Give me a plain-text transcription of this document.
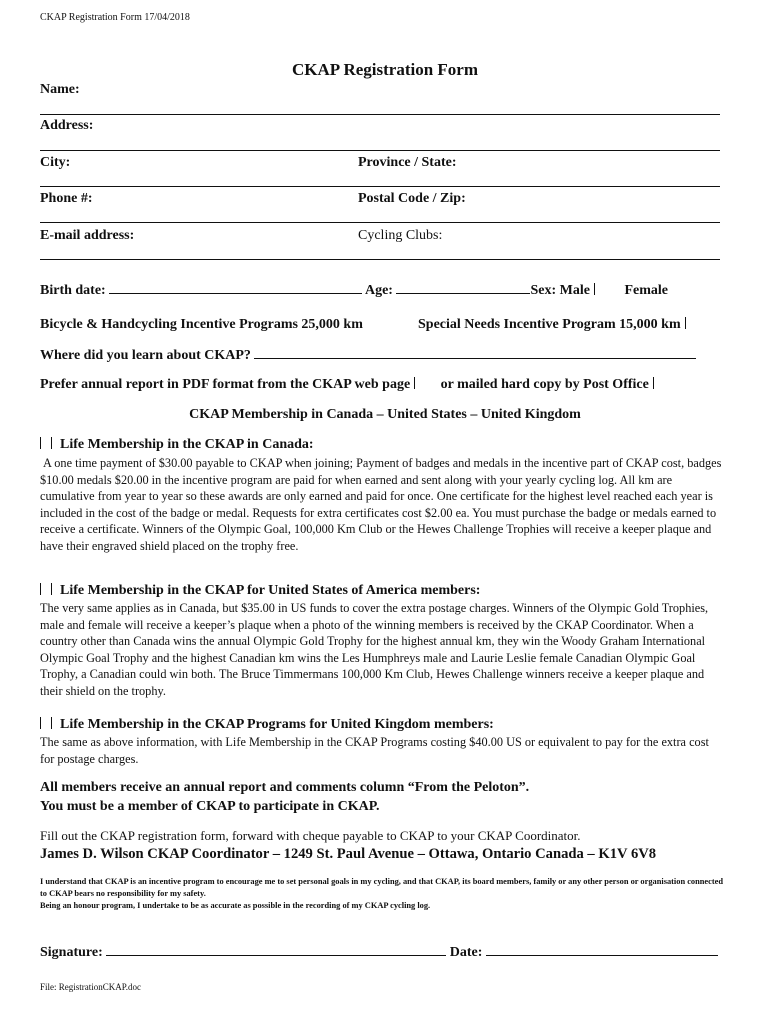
CKAP Registration Form 17/04/2018
CKAP Registration Form
Name:
Address:
City:	Province / State:
Phone #:	Postal Code / Zip:
E-mail address:	Cycling Clubs:
Birth date:	Age:	Sex: Male Female
Bicycle & Handcycling Incentive Programs 25,000 km	Special Needs Incentive Program 15,000 km
Where did you learn about CKAP?
Prefer annual report in PDF format from the CKAP web page or mailed hard copy by Post Office
CKAP Membership in Canada – United States – United Kingdom
Life Membership in the CKAP in Canada:
A one time payment of $30.00 payable to CKAP when joining; Payment of badges and medals in the incentive part of CKAP cost, badges $10.00 medals $20.00 in the incentive program are paid for when earned and sent along with your yearly cycling log. All km are cumulative from year to year so these awards are only earned and paid for once. One certificate for the highest level reached each year is included in the cost of the badge or medal. Requests for extra certificates cost $2.00 ea. You must purchase the badge or medals earned to receive a certificate. Winners of the Olympic Goal, 100,000 Km Club or the Hewes Challenge Trophies will receive a keeper plaque and have their engraved shield placed on the trophy free.
Life Membership in the CKAP for United States of America members:
The very same applies as in Canada, but $35.00 in US funds to cover the extra postage charges. Winners of the Olympic Gold Trophies, male and female will receive a keeper’s plaque when a photo of the winning members is received by the CKAP Coordinator. When a country other than Canada wins the annual Olympic Gold Trophy for the highest annual km, they win the Woody Graham International Olympic Goal Trophy and the highest Canadian km wins the Les Humphreys male and Laurie Leslie female Canadian Olympic Goal Trophy, a Canadian could win both. The Bruce Timmermans 100,000 Km Club, Hewes Challenge winners receive a keeper plaque and their shield on the trophy.
Life Membership in the CKAP Programs for United Kingdom members:
The same as above information, with Life Membership in the CKAP Programs costing $40.00 US or equivalent to pay for the extra cost for postage charges.
All members receive an annual report and comments column “From the Peloton”.
You must be a member of CKAP to participate in CKAP.
Fill out the CKAP registration form, forward with cheque payable to CKAP to your CKAP Coordinator.
James D. Wilson CKAP Coordinator – 1249 St. Paul Avenue – Ottawa, Ontario Canada – K1V 6V8
I understand that CKAP is an incentive program to encourage me to set personal goals in my cycling, and that CKAP, its board members, family or any other person or organisation connected to CKAP bears no responsibility for my safety.
Being an honour program, I undertake to be as accurate as possible in the recording of my CKAP cycling log.
Signature:	Date:
File: RegistrationCKAP.doc
